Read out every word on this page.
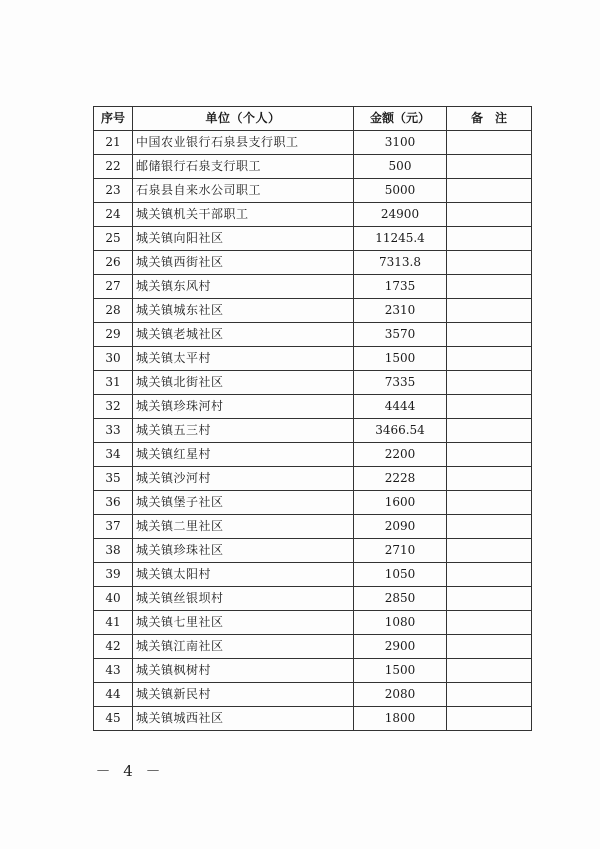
序号	单位（个人）	金额（元）	备　注
21	中国农业银行石泉县支行职工	3100	
22	邮储银行石泉支行职工	500	
23	石泉县自来水公司职工	5000	
24	城关镇机关干部职工	24900	
25	城关镇向阳社区	11245.4	
26	城关镇西街社区	7313.8	
27	城关镇东风村	1735	
28	城关镇城东社区	2310	
29	城关镇老城社区	3570	
30	城关镇太平村	1500	
31	城关镇北街社区	7335	
32	城关镇珍珠河村	4444	
33	城关镇五三村	3466.54	
34	城关镇红星村	2200	
35	城关镇沙河村	2228	
36	城关镇堡子社区	1600	
37	城关镇二里社区	2090	
38	城关镇珍珠社区	2710	
39	城关镇太阳村	1050	
40	城关镇丝银坝村	2850	
41	城关镇七里社区	1080	
42	城关镇江南社区	2900	
43	城关镇枫树村	1500	
44	城关镇新民村	2080	
45	城关镇城西社区	1800	
－ 4 －
